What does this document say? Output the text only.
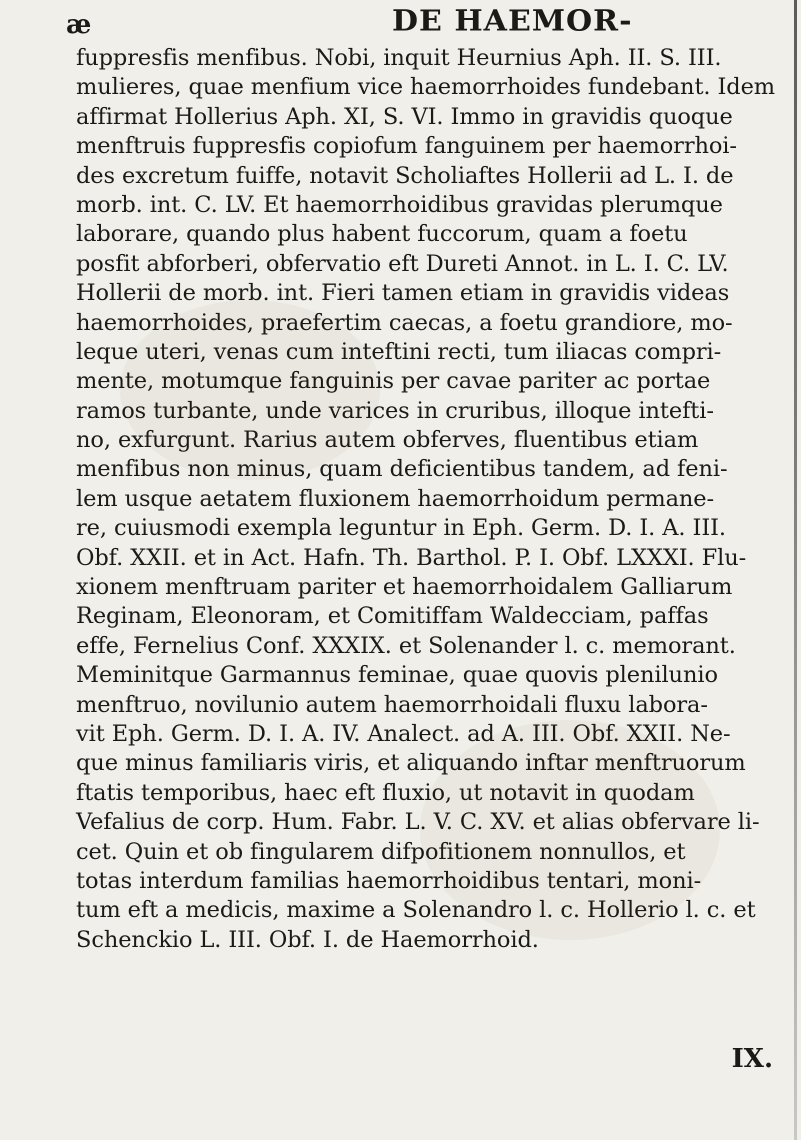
æ	DE HAEMOR-
fuppresfis menfibus. Nobi, inquit Heurnius Aph. II. S. III.
mulieres, quae menfium vice haemorrhoides fundebant. Idem
affirmat Hollerius Aph. XI, S. VI. Immo in gravidis quoque
menftruis fuppresfis copiofum fanguinem per haemorrhoi-
des excretum fuiffe, notavit Scholiaftes Hollerii ad L. I. de
morb. int. C. LV. Et haemorrhoidibus gravidas plerumque
laborare, quando plus habent fuccorum, quam a foetu
posfit abforberi, obfervatio eft Dureti Annot. in L. I. C. LV.
Hollerii de morb. int. Fieri tamen etiam in gravidis videas
haemorrhoides, praefertim caecas, a foetu grandiore, mo-
leque uteri, venas cum inteftini recti, tum iliacas compri-
mente, motumque fanguinis per cavae pariter ac portae
ramos turbante, unde varices in cruribus, illoque intefti-
no, exfurgunt. Rarius autem obferves, fluentibus etiam
menfibus non minus, quam deficientibus tandem, ad feni-
lem usque aetatem fluxionem haemorrhoidum permane-
re, cuiusmodi exempla leguntur in Eph. Germ. D. I. A. III.
Obf. XXII. et in Act. Hafn. Th. Barthol. P. I. Obf. LXXXI. Flu-
xionem menftruam pariter et haemorrhoidalem Galliarum
Reginam, Eleonoram, et Comitiffam Waldecciam, paffas
effe, Fernelius Conf. XXXIX. et Solenander l. c. memorant.
Meminitque Garmannus feminae, quae quovis plenilunio
menftruo, novilunio autem haemorrhoidali fluxu labora-
vit Eph. Germ. D. I. A. IV. Analect. ad A. III. Obf. XXII. Ne-
que minus familiaris viris, et aliquando inftar menftruorum
ftatis temporibus, haec eft fluxio, ut notavit in quodam
Vefalius de corp. Hum. Fabr. L. V. C. XV. et alias obfervare li-
cet. Quin et ob fingularem difpofitionem nonnullos, et
totas interdum familias haemorrhoidibus tentari, moni-
tum eft a medicis, maxime a Solenandro l. c. Hollerio l. c. et
Schenckio L. III. Obf. I. de Haemorrhoid.
IX.
